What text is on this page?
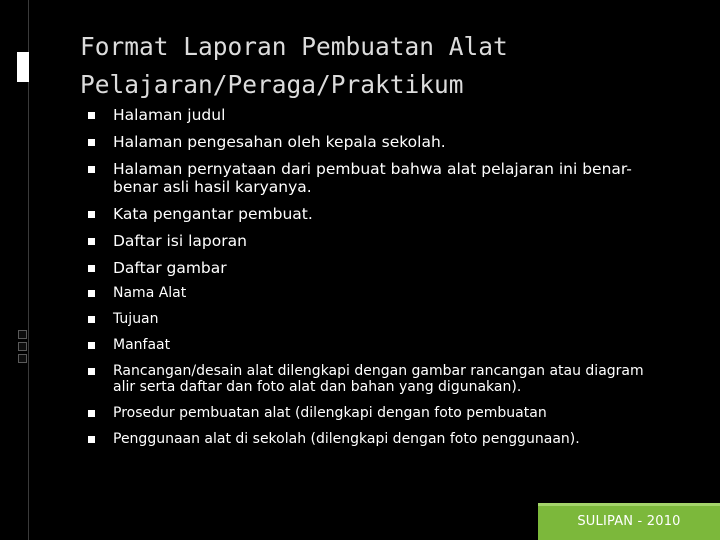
Format Laporan Pembuatan Alat
Pelajaran/Peraga/Praktikum
Halaman judul
Halaman pengesahan oleh kepala sekolah.
Halaman pernyataan dari pembuat bahwa alat pelajaran ini benar-benar asli hasil karyanya.
Kata pengantar pembuat.
Daftar isi laporan
Daftar gambar
Nama Alat
Tujuan
Manfaat
Rancangan/desain alat dilengkapi dengan gambar rancangan atau diagram alir serta daftar dan foto alat dan bahan yang digunakan).
Prosedur pembuatan alat (dilengkapi dengan foto pembuatan
Penggunaan alat di sekolah (dilengkapi dengan foto penggunaan).
SULIPAN - 2010
